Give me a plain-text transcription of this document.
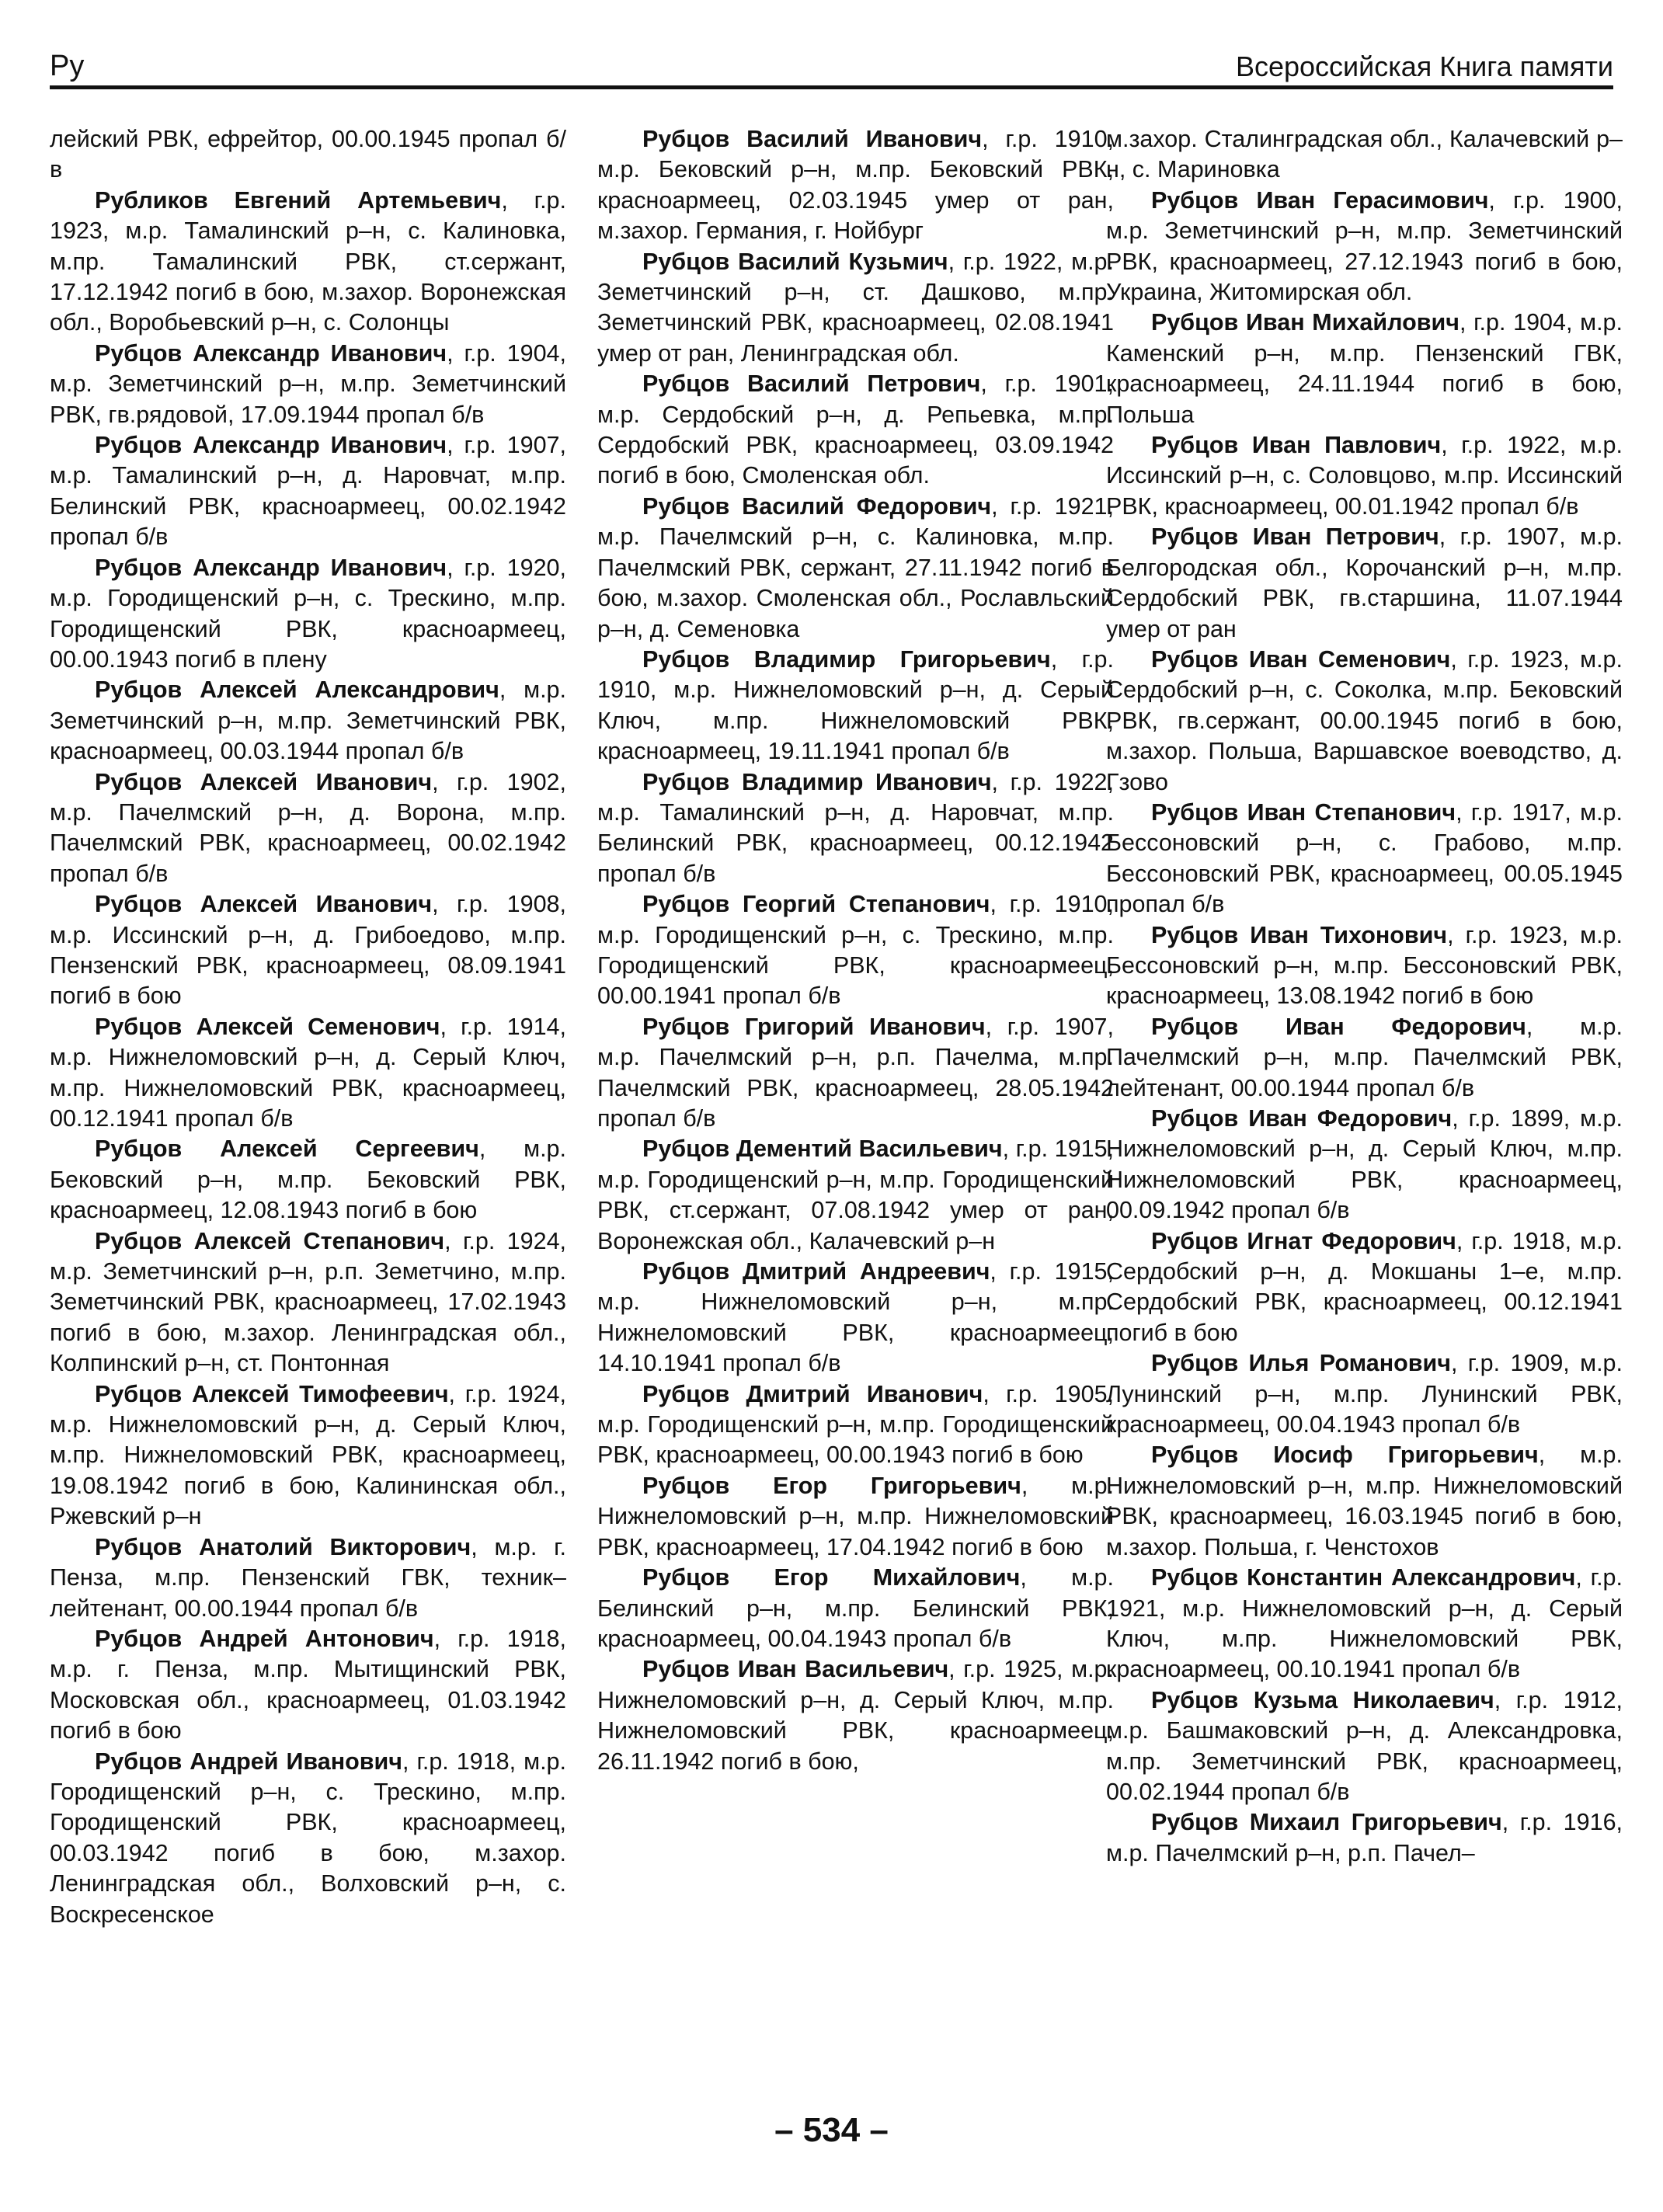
Ру	Всероссийская Книга памяти

лейский РВК, ефрейтор, 00.00.1945 пропал б/в

Рубликов Евгений Артемьевич, г.р. 1923, м.р. Тамалинский р–н, с. Калиновка, м.пр. Тамалинский РВК, ст.сержант, 17.12.1942 погиб в бою, м.захор. Воронежская обл., Воробьевский р–н, с. Солонцы

Рубцов Александр Иванович, г.р. 1904, м.р. Земетчинский р–н, м.пр. Земетчинский РВК, гв.рядовой, 17.09.1944 пропал б/в

Рубцов Александр Иванович, г.р. 1907, м.р. Тамалинский р–н, д. Наровчат, м.пр. Белинский РВК, красноармеец, 00.02.1942 пропал б/в

Рубцов Александр Иванович, г.р. 1920, м.р. Городищенский р–н, с. Трескино, м.пр. Городищенский РВК, красноармеец, 00.00.1943 погиб в плену

Рубцов Алексей Александрович, м.р. Земетчинский р–н, м.пр. Земетчинский РВК, красноармеец, 00.03.1944 пропал б/в

Рубцов Алексей Иванович, г.р. 1902, м.р. Пачелмский р–н, д. Ворона, м.пр. Пачелмский РВК, красноармеец, 00.02.1942 пропал б/в

Рубцов Алексей Иванович, г.р. 1908, м.р. Иссинский р–н, д. Грибоедово, м.пр. Пензенский РВК, красноармеец, 08.09.1941 погиб в бою

Рубцов Алексей Семенович, г.р. 1914, м.р. Нижнеломовский р–н, д. Серый Ключ, м.пр. Нижнеломовский РВК, красноармеец, 00.12.1941 пропал б/в

Рубцов Алексей Сергеевич, м.р. Бековский р–н, м.пр. Бековский РВК, красноармеец, 12.08.1943 погиб в бою

Рубцов Алексей Степанович, г.р. 1924, м.р. Земетчинский р–н, р.п. Земетчино, м.пр. Земетчинский РВК, красноармеец, 17.02.1943 погиб в бою, м.захор. Ленинградская обл., Колпинский р–н, ст. Понтонная

Рубцов Алексей Тимофеевич, г.р. 1924, м.р. Нижнеломовский р–н, д. Серый Ключ, м.пр. Нижнеломовский РВК, красноармеец, 19.08.1942 погиб в бою, Калининская обл., Ржевский р–н

Рубцов Анатолий Викторович, м.р. г. Пенза, м.пр. Пензенский ГВК, техник–лейтенант, 00.00.1944 пропал б/в

Рубцов Андрей Антонович, г.р. 1918, м.р. г. Пенза, м.пр. Мытищинский РВК, Московская обл., красноармеец, 01.03.1942 погиб в бою

Рубцов Андрей Иванович, г.р. 1918, м.р. Городищенский р–н, с. Трескино, м.пр. Городищенский РВК, красноармеец, 00.03.1942 погиб в бою, м.захор. Ленинградская обл., Волховский р–н, с. Воскресенское

Рубцов Василий Иванович, г.р. 1910, м.р. Бековский р–н, м.пр. Бековский РВК, красноармеец, 02.03.1945 умер от ран, м.захор. Германия, г. Нойбург

Рубцов Василий Кузьмич, г.р. 1922, м.р. Земетчинский р–н, ст. Дашково, м.пр. Земетчинский РВК, красноармеец, 02.08.1941 умер от ран, Ленинградская обл.

Рубцов Василий Петрович, г.р. 1901, м.р. Сердобский р–н, д. Репьевка, м.пр. Сердобский РВК, красноармеец, 03.09.1942 погиб в бою, Смоленская обл.

Рубцов Василий Федорович, г.р. 1921, м.р. Пачелмский р–н, с. Калиновка, м.пр. Пачелмский РВК, сержант, 27.11.1942 погиб в бою, м.захор. Смоленская обл., Рославльский р–н, д. Семеновка

Рубцов Владимир Григорьевич, г.р. 1910, м.р. Нижнеломовский р–н, д. Серый Ключ, м.пр. Нижнеломовский РВК, красноармеец, 19.11.1941 пропал б/в

Рубцов Владимир Иванович, г.р. 1922, м.р. Тамалинский р–н, д. Наровчат, м.пр. Белинский РВК, красноармеец, 00.12.1942 пропал б/в

Рубцов Георгий Степанович, г.р. 1910, м.р. Городищенский р–н, с. Трескино, м.пр. Городищенский РВК, красноармеец, 00.00.1941 пропал б/в

Рубцов Григорий Иванович, г.р. 1907, м.р. Пачелмский р–н, р.п. Пачелма, м.пр. Пачелмский РВК, красноармеец, 28.05.1942 пропал б/в

Рубцов Дементий Васильевич, г.р. 1915, м.р. Городищенский р–н, м.пр. Городищенский РВК, ст.сержант, 07.08.1942 умер от ран, Воронежская обл., Калачевский р–н

Рубцов Дмитрий Андреевич, г.р. 1915, м.р. Нижнеломовский р–н, м.пр. Нижнеломовский РВК, красноармеец, 14.10.1941 пропал б/в

Рубцов Дмитрий Иванович, г.р. 1905, м.р. Городищенский р–н, м.пр. Городищенский РВК, красноармеец, 00.00.1943 погиб в бою

Рубцов Егор Григорьевич, м.р. Нижнеломовский р–н, м.пр. Нижнеломовский РВК, красноармеец, 17.04.1942 погиб в бою

Рубцов Егор Михайлович, м.р. Белинский р–н, м.пр. Белинский РВК, красноармеец, 00.04.1943 пропал б/в

Рубцов Иван Васильевич, г.р. 1925, м.р. Нижнеломовский р–н, д. Серый Ключ, м.пр. Нижнеломовский РВК, красноармеец, 26.11.1942 погиб в бою,

м.захор. Сталинградская обл., Калачевский р–н, с. Мариновка

Рубцов Иван Герасимович, г.р. 1900, м.р. Земетчинский р–н, м.пр. Земетчинский РВК, красноармеец, 27.12.1943 погиб в бою, Украина, Житомирская обл.

Рубцов Иван Михайлович, г.р. 1904, м.р. Каменский р–н, м.пр. Пензенский ГВК, красноармеец, 24.11.1944 погиб в бою, Польша

Рубцов Иван Павлович, г.р. 1922, м.р. Иссинский р–н, с. Соловцово, м.пр. Иссинский РВК, красноармеец, 00.01.1942 пропал б/в

Рубцов Иван Петрович, г.р. 1907, м.р. Белгородская обл., Корочанский р–н, м.пр. Сердобский РВК, гв.старшина, 11.07.1944 умер от ран

Рубцов Иван Семенович, г.р. 1923, м.р. Сердобский р–н, с. Соколка, м.пр. Бековский РВК, гв.сержант, 00.00.1945 погиб в бою, м.захор. Польша, Варшавское воеводство, д. Гзово

Рубцов Иван Степанович, г.р. 1917, м.р. Бессоновский р–н, с. Грабово, м.пр. Бессоновский РВК, красноармеец, 00.05.1945 пропал б/в

Рубцов Иван Тихонович, г.р. 1923, м.р. Бессоновский р–н, м.пр. Бессоновский РВК, красноармеец, 13.08.1942 погиб в бою

Рубцов Иван Федорович, м.р. Пачелмский р–н, м.пр. Пачелмский РВК, лейтенант, 00.00.1944 пропал б/в

Рубцов Иван Федорович, г.р. 1899, м.р. Нижнеломовский р–н, д. Серый Ключ, м.пр. Нижнеломовский РВК, красноармеец, 00.09.1942 пропал б/в

Рубцов Игнат Федорович, г.р. 1918, м.р. Сердобский р–н, д. Мокшаны 1–е, м.пр. Сердобский РВК, красноармеец, 00.12.1941 погиб в бою

Рубцов Илья Романович, г.р. 1909, м.р. Лунинский р–н, м.пр. Лунинский РВК, красноармеец, 00.04.1943 пропал б/в

Рубцов Иосиф Григорьевич, м.р. Нижнеломовский р–н, м.пр. Нижнеломовский РВК, красноармеец, 16.03.1945 погиб в бою, м.захор. Польша, г. Ченстохов

Рубцов Константин Александрович, г.р. 1921, м.р. Нижнеломовский р–н, д. Серый Ключ, м.пр. Нижнеломовский РВК, красноармеец, 00.10.1941 пропал б/в

Рубцов Кузьма Николаевич, г.р. 1912, м.р. Башмаковский р–н, д. Александровка, м.пр. Земетчинский РВК, красноармеец, 00.02.1944 пропал б/в

Рубцов Михаил Григорьевич, г.р. 1916, м.р. Пачелмский р–н, р.п. Пачел–

– 534 –
